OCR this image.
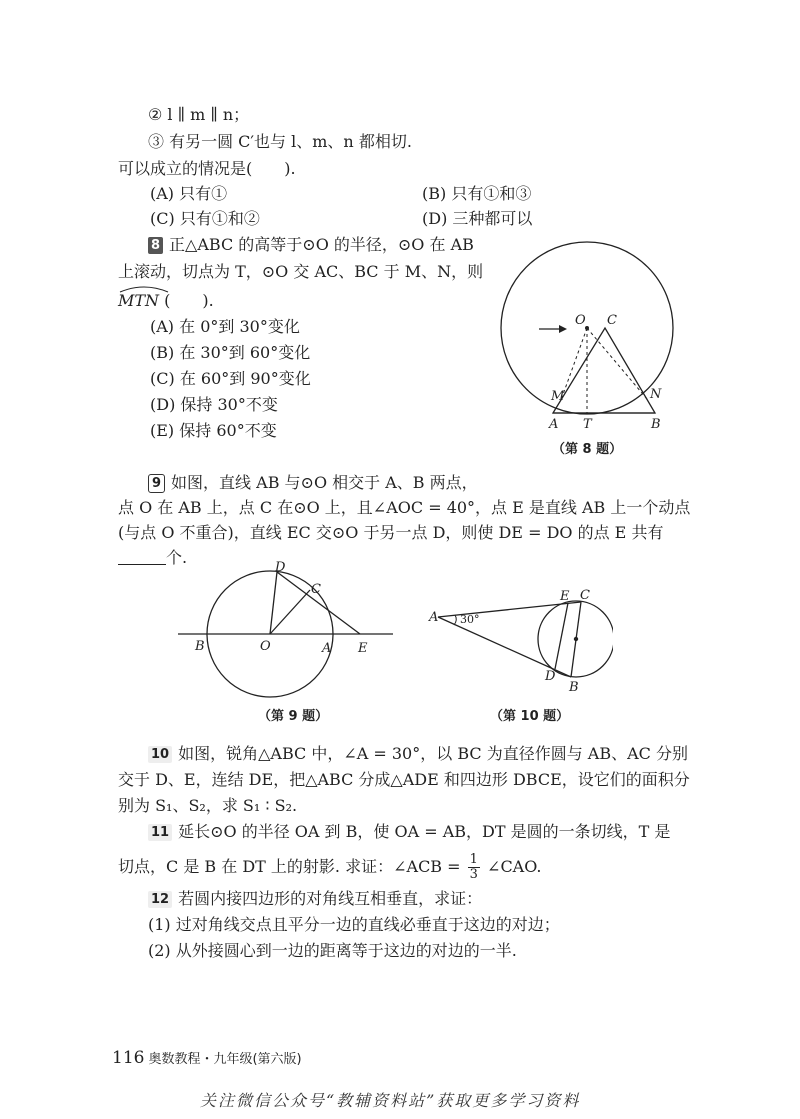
② l ∥ m ∥ n；
③ 有另一圆 C′也与 l、m、n 都相切.
可以成立的情况是(　　).
(A) 只有①	(B) 只有①和③
(C) 只有①和②	(D) 三种都可以
8 正△ABC 的高等于⊙O 的半径，⊙O 在 AB
上滚动，切点为 T，⊙O 交 AC、BC 于 M、N，则
MTN (　　).
(A) 在 0°到 30°变化
(B) 在 30°到 60°变化
(C) 在 60°到 90°变化
(D) 保持 30°不变
(E) 保持 60°不变
O C
M	N
A T	B
（第 8 题）
9 如图，直线 AB 与⊙O 相交于 A、B 两点，
点 O 在 AB 上，点 C 在⊙O 上，且∠AOC = 40°，点 E 是直线 AB 上一个动点
(与点 O 不重合)，直线 EC 交⊙O 于另一点 D，则使 DE = DO 的点 E 共有
个.
D
C
B	O	A E
（第 9 题）
A 30°
E C
D
B
（第 10 题）
10 如图，锐角△ABC 中，∠A = 30°，以 BC 为直径作圆与 AB、AC 分别
交于 D、E，连结 DE，把△ABC 分成△ADE 和四边形 DBCE，设它们的面积分
别为 S₁、S₂，求 S₁ ∶ S₂.
11 延长⊙O 的半径 OA 到 B，使 OA = AB，DT 是圆的一条切线，T 是
切点，C 是 B 在 DT 上的射影. 求证：∠ACB = $\frac{1}{3}$ ∠CAO.
12 若圆内接四边形的对角线互相垂直，求证：
(1) 过对角线交点且平分一边的直线必垂直于这边的对边；
(2) 从外接圆心到一边的距离等于这边的对边的一半.
116 奥数教程・九年级(第六版)
关注微信公众号“教辅资料站”获取更多学习资料
